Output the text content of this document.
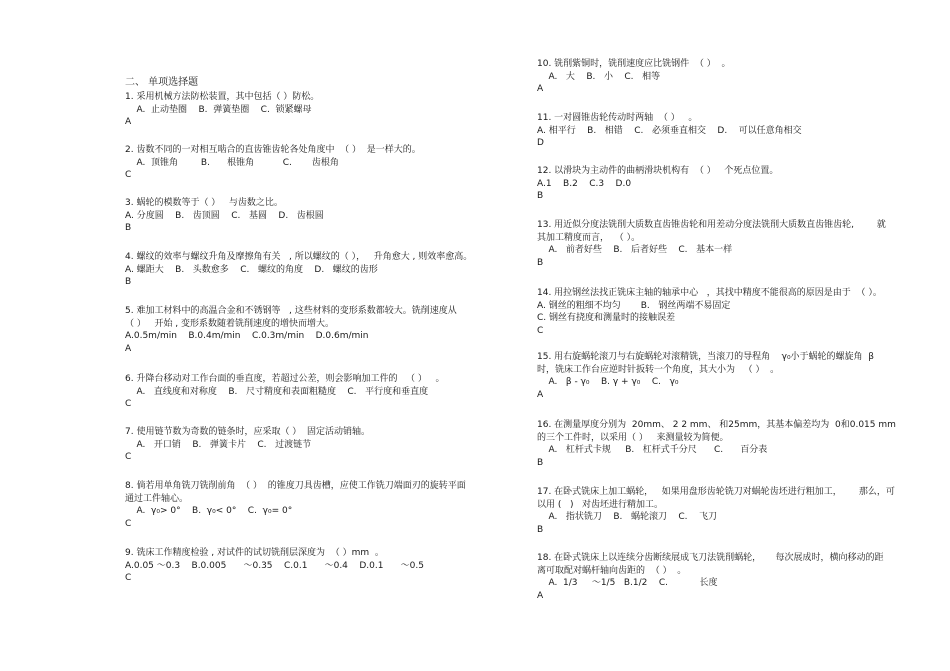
二、 单项选择题
1. 采用机械方法防松装置，其中包括（ ）防松。
A.  止动垫圈    B.  弹簧垫圈    C.  锁紧螺母
A
2. 齿数不同的一对相互啮合的直齿锥齿轮各处角度中  （ ）  是一样大的。
A.  顶锥角        B.      根锥角          C.       齿根角
C
3. 蜗轮的模数等于（ ）   与齿数之比。
A. 分度圆    B.   齿顶圆    C.   基圆    D.   齿根圆
B
4. 螺纹的效率与螺纹升角及摩擦角有关   , 所以螺纹的（ ），   升角愈大 , 则效率愈高。
A. 螺距大    B.   头数愈多    C.   螺纹的角度    D.   螺纹的齿形
B
5. 难加工材料中的高温合金和不锈钢等   , 这些材料的变形系数都较大。铣削速度从
（ ）   开始 , 变形系数随着铣削速度的增快而增大。
A.0.5m/min    B.0.4m/min    C.0.3m/min    D.0.6m/min
A
6. 升降台移动对工作台面的垂直度，若超过公差，则会影响加工件的   （ ）   。
A.   直线度和对称度    B.   尺寸精度和表面粗糙度    C.   平行度和垂直度
C
7. 使用链节数为奇数的链条时，应采取（ ）  固定活动销轴。
A.   开口销    B.   弹簧卡片    C.   过渡链节
C
8. 倘若用单角铣刀铣削前角  （ ）  的锥度刀具齿槽，应使工作铣刀端面刃的旋转平面
通过工件轴心。
A.  γ₀> 0°    B.  γ₀< 0°    C.  γ₀= 0°
C
9. 铣床工作精度检验 , 对试件的试切铣削层深度为  （ ）mm  。
A.0.05 ～0.3    B.0.005      ～0.35    C.0.1      ～0.4    D.0.1      ～0.5
C
10. 铣削紫铜时，铣削速度应比铣钢件  （ ）  。
A.   大    B.   小    C.   相等
A
11. 一对圆锥齿轮传动时两轴  （ ）   。
A. 相平行    B.   相错    C.   必须垂直相交    D.    可以任意角相交
D
12. 以滑块为主动件的曲柄滑块机构有  （ ）   个死点位置。
A.1    B.2    C.3    D.0
B
13. 用近似分度法铣削大质数直齿锥齿轮和用差动分度法铣削大质数直齿锥齿轮,        就
其加工精度而言，  （ ）。
A.   前者好些    B.   后者好些    C.   基本一样
B
14. 用拉钢丝法找正铣床主轴的轴承中心   ，其找中精度不能很高的原因是由于  （ ）。
A. 钢丝的粗细不均匀       B.   钢丝两端不易固定
C. 钢丝有挠度和测量时的接触误差
C
15. 用右旋蜗轮滚刀与右旋蜗轮对滚精铣，当滚刀的导程角    γ₀小于蜗轮的螺旋角  β
时，铣床工作台应逆时针扳转一个角度，其大小为   （ ）  。
A.   β - γ₀    B. γ + γ₀    C.   γ₀
A
16. 在测量厚度分别为  20mm、 2 2 mm、 和25mm，其基本偏差均为  0和0.015 mm
的三个工件时，以采用（ ）   来测量较为简便。
A.   杠杆式卡规     B.   杠杆式千分尺      C.      百分表
B
17. 在卧式铣床上加工蜗轮，   如果用盘形齿轮铣刀对蜗轮齿坯进行粗加工，      那么，可
以用 (   )   对齿坯进行精加工。
A.   指状铣刀    B.   蜗轮滚刀    C.    飞刀
B
18. 在卧式铣床上以连续分齿断续展成飞刀法铣削蜗轮，     每次展成时，横向移动的距
离可取配对蜗杆轴向齿距的  （ ）  。
A.  1/3     ～1/5   B.1/2    C.           长度
A
